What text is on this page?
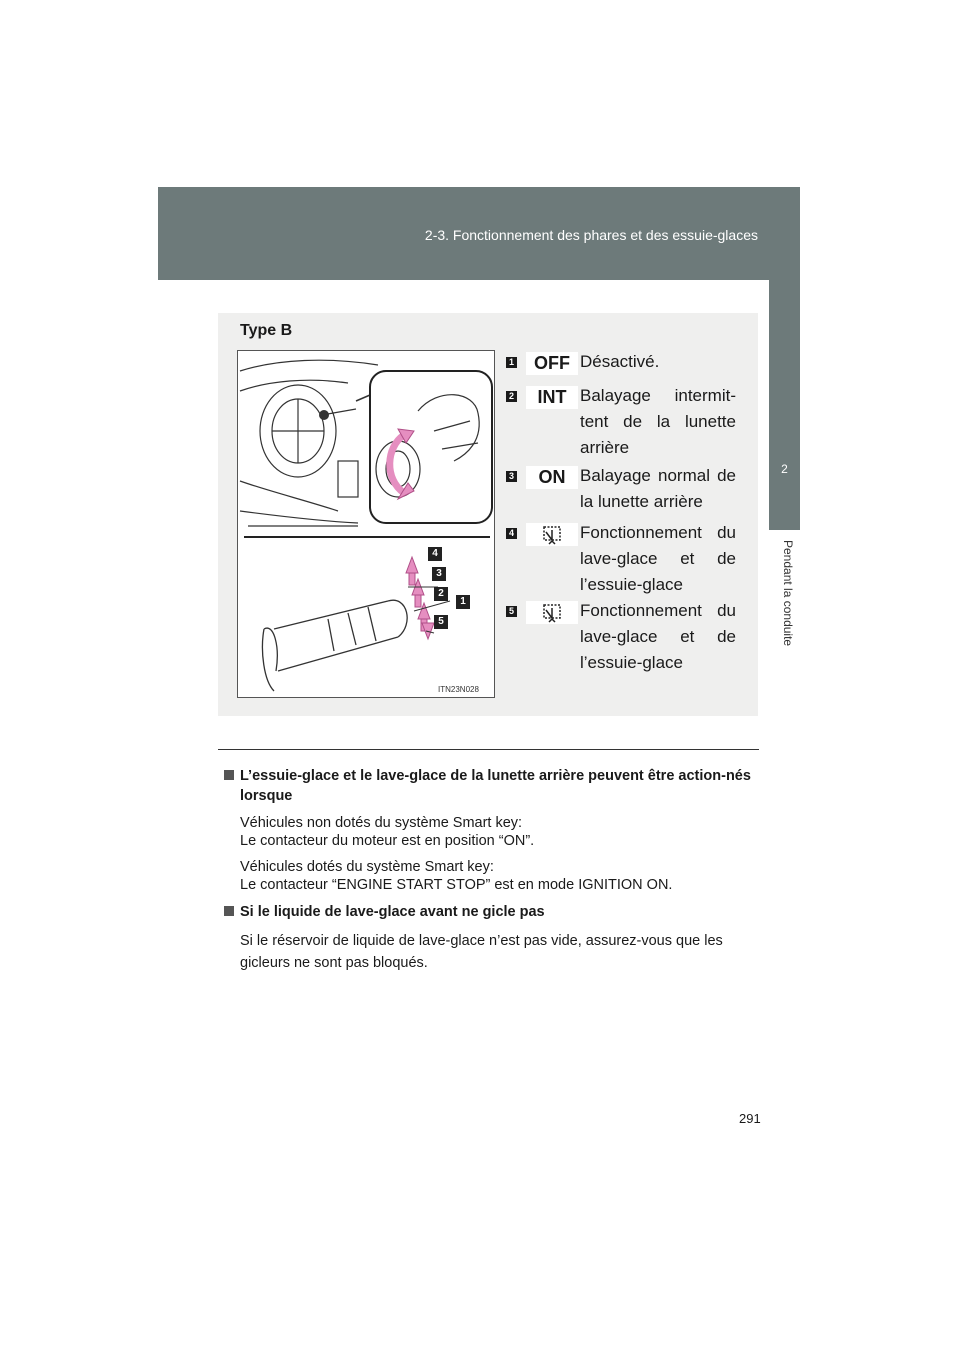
2-3. Fonctionnement des phares et des essuie-glaces
2
Pendant la conduite
Type B
4
3
2
1
5
ITN23N028
1	OFF Désactivé.
2	INT Balayage intermit-tent de la lunette arrière
3	ON Balayage normal de la lunette arrière
4	Fonctionnement du lave-glace et de l’essuie-glace
5	Fonctionnement du lave-glace et de l’essuie-glace
L’essuie-glace et le lave-glace de la lunette arrière peuvent être action-nés lorsque
Véhicules non dotés du système Smart key:
Le contacteur du moteur est en position “ON”.
Véhicules dotés du système Smart key:
Le contacteur “ENGINE START STOP” est en mode IGNITION ON.
Si le liquide de lave-glace avant ne gicle pas
Si le réservoir de liquide de lave-glace n’est pas vide, assurez-vous que les gicleurs ne sont pas bloqués.
291
